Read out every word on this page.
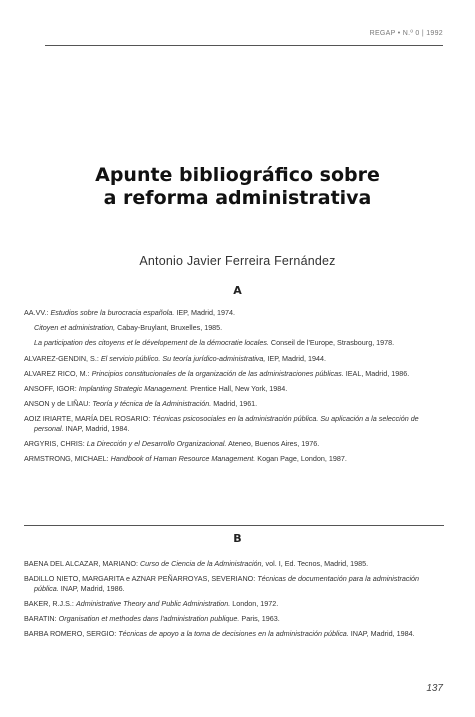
REGAP • N.º 0 | 1992
Apunte bibliográfico sobre
a reforma administrativa
Antonio Javier Ferreira Fernández
A
AA.VV.: Estudios sobre la burocracia española. IEP, Madrid, 1974.
Citoyen et administration, Cabay-Bruylant, Bruxelles, 1985.
La participation des citoyens et le dévelopement de la démocratie locales. Conseil de l'Europe, Strasbourg, 1978.
ALVAREZ-GENDIN, S.: El servicio público. Su teoría jurídico-administrativa, IEP, Madrid, 1944.
ALVAREZ RICO, M.: Principios constitucionales de la organización de las administraciones públicas. IEAL, Madrid, 1986.
ANSOFF, IGOR: Implanting Strategic Management. Prentice Hall, New York, 1984.
ANSON y de LIÑAU: Teoría y técnica de la Administración. Madrid, 1961.
AOIZ IRIARTE, MARÍA DEL ROSARIO: Técnicas psicosociales en la administración pública. Su aplicación a la selección de personal. INAP, Madrid, 1984.
ARGYRIS, CHRIS: La Dirección y el Desarrollo Organizacional. Ateneo, Buenos Aires, 1976.
ARMSTRONG, MICHAEL: Handbook of Haman Resource Management. Kogan Page, London, 1987.
B
BAENA DEL ALCAZAR, MARIANO: Curso de Ciencia de la Administración, vol. I, Ed. Tecnos, Madrid, 1985.
BADILLO NIETO, MARGARITA e AZNAR PEÑARROYAS, SEVERIANO: Técnicas de documentación para la administración pública. INAP, Madrid, 1986.
BAKER, R.J.S.: Administrative Theory and Public Administration. London, 1972.
BARATIN: Organisation et methodes dans l'administration publique. Paris, 1963.
BARBA ROMERO, SERGIO: Técnicas de apoyo a la toma de decisiones en la administración pública. INAP, Madrid, 1984.
137
